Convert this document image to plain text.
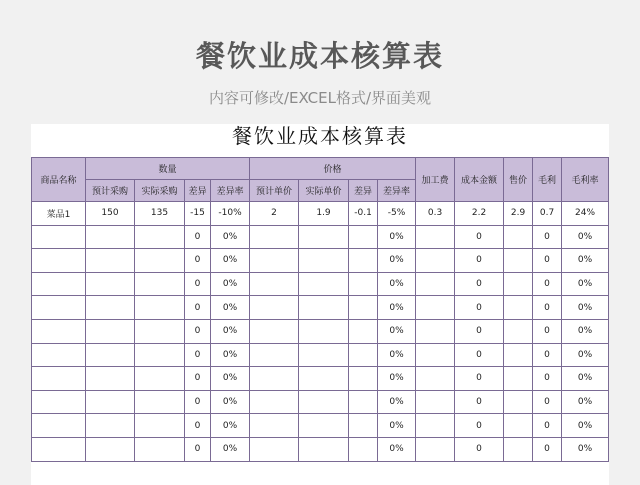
餐饮业成本核算表
内容可修改/EXCEL格式/界面美观
餐饮业成本核算表
商品名称	数量				价格				加工费	成本金额	售价	毛利	毛利率
	预计采购	实际采购	差异	差异率	预计单价	实际单价	差异	差异率					
菜品1	150	135	-15	-10%	2	1.9	-0.1	-5%	0.3	2.2	2.9	0.7	24%
			0	0%				0%		0		0	0%
			0	0%				0%		0		0	0%
			0	0%				0%		0		0	0%
			0	0%				0%		0		0	0%
			0	0%				0%		0		0	0%
			0	0%				0%		0		0	0%
			0	0%				0%		0		0	0%
			0	0%				0%		0		0	0%
			0	0%				0%		0		0	0%
			0	0%				0%		0		0	0%
